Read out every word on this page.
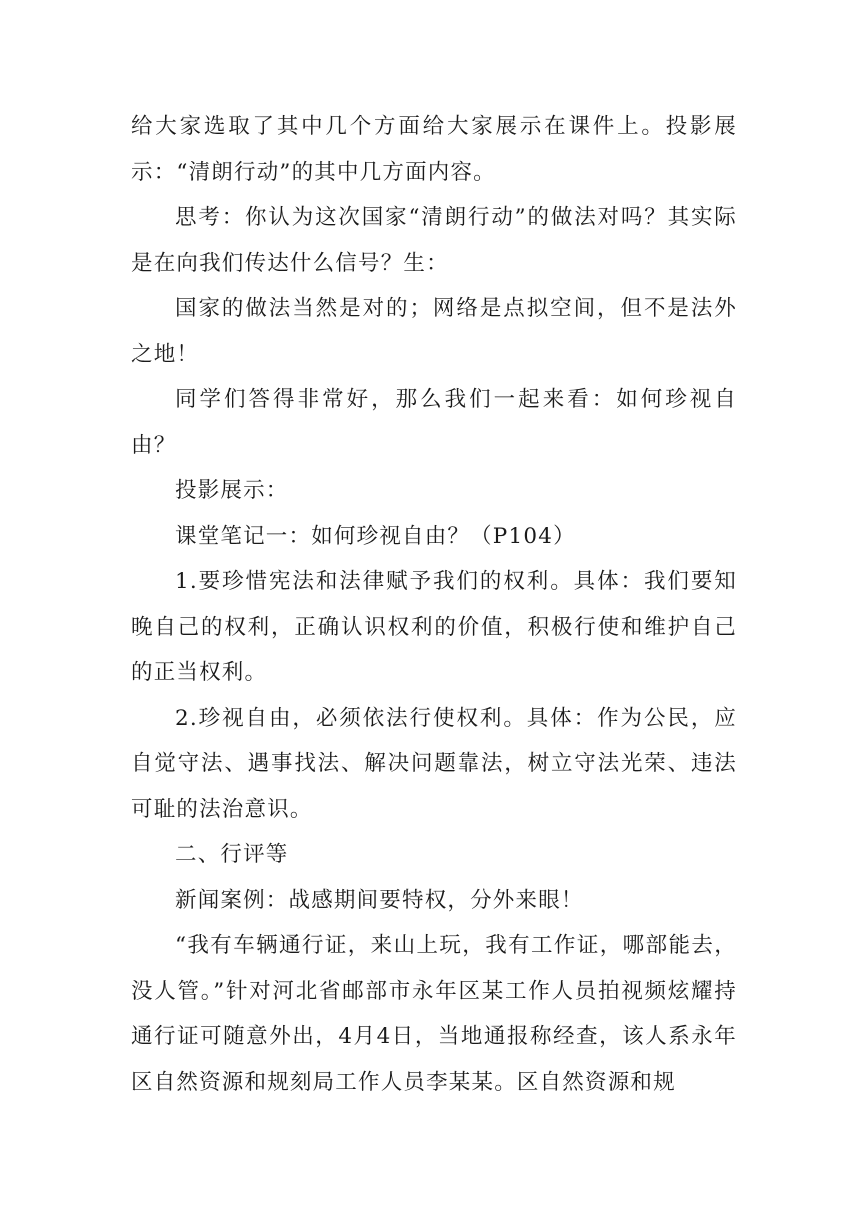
给大家选取了其中几个方面给大家展示在课件上。投影展示：“清朗行动”的其中几方面内容。

思考：你认为这次国家“清朗行动”的做法对吗？其实际是在向我们传达什么信号？生：

国家的做法当然是对的；网络是点拟空间，但不是法外之地！

同学们答得非常好，那么我们一起来看：如何珍视自由？

投影展示：

课堂笔记一：如何珍视自由？（P104）

1.要珍惜宪法和法律赋予我们的权利。具体：我们要知晚自己的权利，正确认识权利的价值，积极行使和维护自己的正当权利。

2.珍视自由，必须依法行使权利。具体：作为公民，应自觉守法、遇事找法、解决问题靠法，树立守法光荣、违法可耻的法治意识。

二、行评等

新闻案例：战感期间要特权，分外来眼！

“我有车辆通行证，来山上玩，我有工作证，哪部能去，没人管。”针对河北省邮部市永年区某工作人员拍视频炫耀持通行证可随意外出，4月4日，当地通报称经查，该人系永年区自然资源和规刻局工作人员李某某。区自然资源和规
